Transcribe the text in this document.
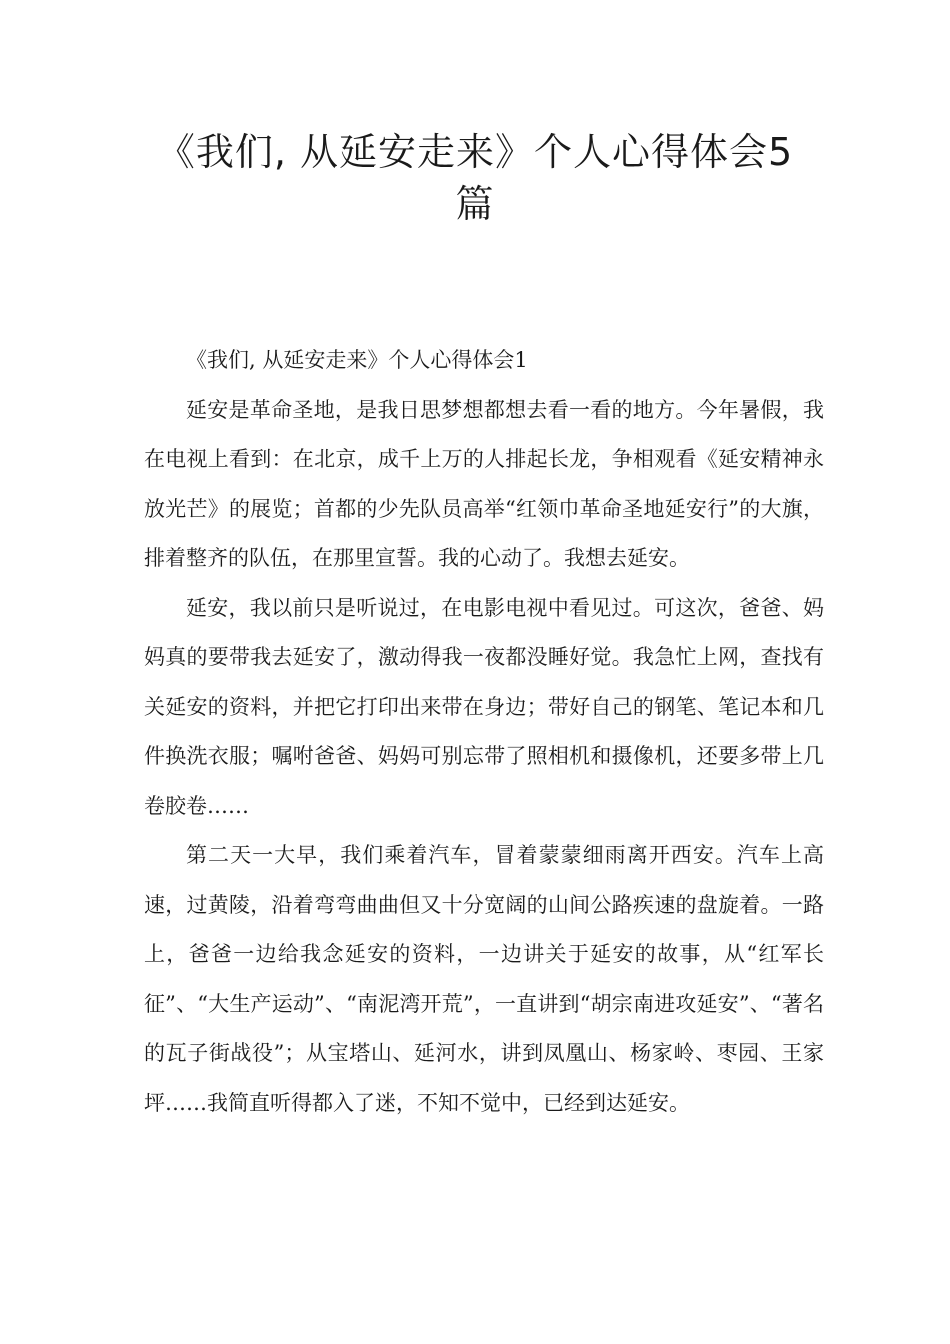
《我们, 从延安走来》个人心得体会5篇

《我们, 从延安走来》个人心得体会1

延安是革命圣地，是我日思梦想都想去看一看的地方。今年暑假，我在电视上看到：在北京，成千上万的人排起长龙，争相观看《延安精神永放光芒》的展览；首都的少先队员高举“红领巾革命圣地延安行”的大旗，排着整齐的队伍，在那里宣誓。我的心动了。我想去延安。

延安，我以前只是听说过，在电影电视中看见过。可这次，爸爸、妈妈真的要带我去延安了，激动得我一夜都没睡好觉。我急忙上网，查找有关延安的资料，并把它打印出来带在身边；带好自己的钢笔、笔记本和几件换洗衣服；嘱咐爸爸、妈妈可别忘带了照相机和摄像机，还要多带上几卷胶卷……

第二天一大早，我们乘着汽车，冒着蒙蒙细雨离开西安。汽车上高速，过黄陵，沿着弯弯曲曲但又十分宽阔的山间公路疾速的盘旋着。一路上，爸爸一边给我念延安的资料，一边讲关于延安的故事，从“红军长征”、“大生产运动”、“南泥湾开荒”，一直讲到“胡宗南进攻延安”、“著名的瓦子街战役”；从宝塔山、延河水，讲到凤凰山、杨家岭、枣园、王家坪……我简直听得都入了迷，不知不觉中，已经到达延安。
